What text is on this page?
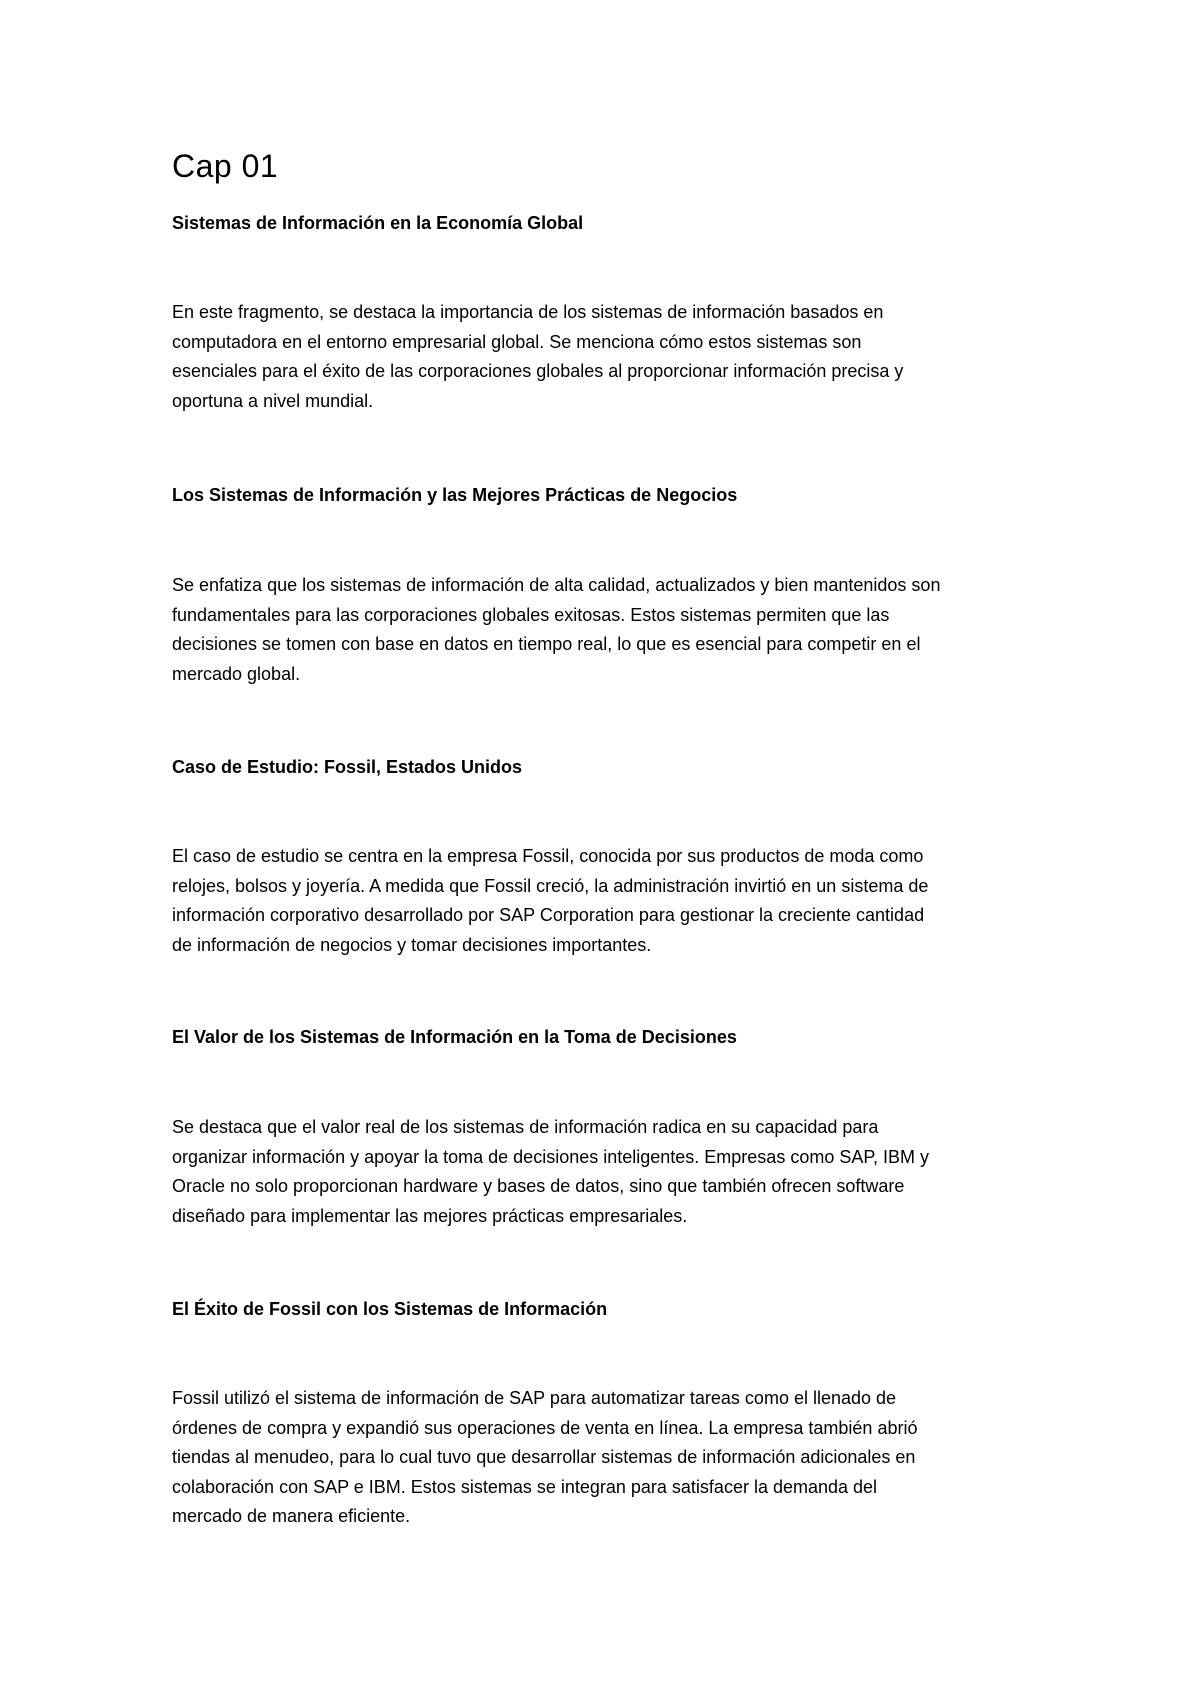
Cap 01
Sistemas de Información en la Economía Global

En este fragmento, se destaca la importancia de los sistemas de información basados en
computadora en el entorno empresarial global. Se menciona cómo estos sistemas son
esenciales para el éxito de las corporaciones globales al proporcionar información precisa y
oportuna a nivel mundial.

Los Sistemas de Información y las Mejores Prácticas de Negocios

Se enfatiza que los sistemas de información de alta calidad, actualizados y bien mantenidos son
fundamentales para las corporaciones globales exitosas. Estos sistemas permiten que las
decisiones se tomen con base en datos en tiempo real, lo que es esencial para competir en el
mercado global.

Caso de Estudio: Fossil, Estados Unidos

El caso de estudio se centra en la empresa Fossil, conocida por sus productos de moda como
relojes, bolsos y joyería. A medida que Fossil creció, la administración invirtió en un sistema de
información corporativo desarrollado por SAP Corporation para gestionar la creciente cantidad
de información de negocios y tomar decisiones importantes.

El Valor de los Sistemas de Información en la Toma de Decisiones

Se destaca que el valor real de los sistemas de información radica en su capacidad para
organizar información y apoyar la toma de decisiones inteligentes. Empresas como SAP, IBM y
Oracle no solo proporcionan hardware y bases de datos, sino que también ofrecen software
diseñado para implementar las mejores prácticas empresariales.

El Éxito de Fossil con los Sistemas de Información

Fossil utilizó el sistema de información de SAP para automatizar tareas como el llenado de
órdenes de compra y expandió sus operaciones de venta en línea. La empresa también abrió
tiendas al menudeo, para lo cual tuvo que desarrollar sistemas de información adicionales en
colaboración con SAP e IBM. Estos sistemas se integran para satisfacer la demanda del
mercado de manera eficiente.
